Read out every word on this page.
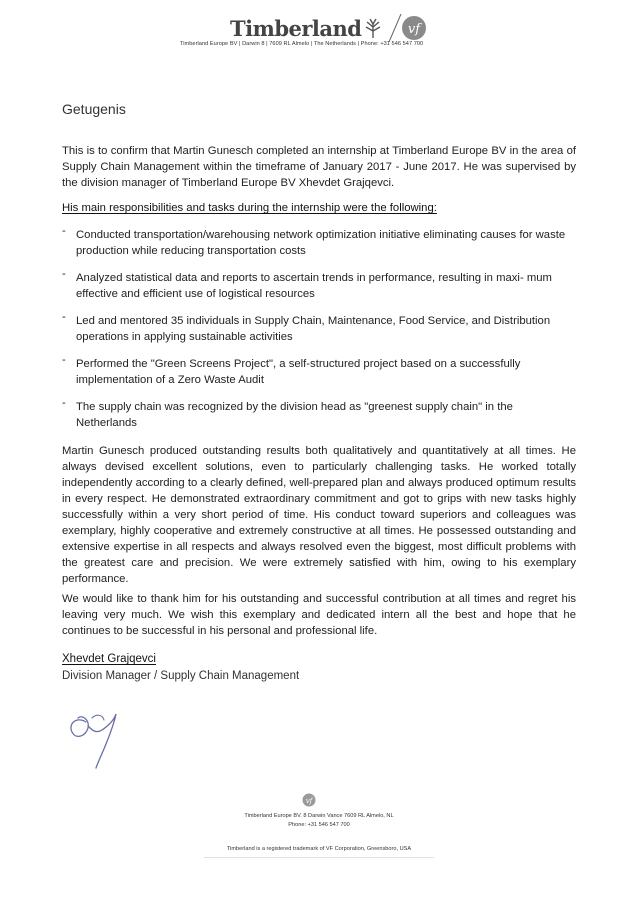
Timberland	vf
Timberland Europe BV | Darwin 8 | 7609 RL Almelo | The Netherlands | Phone: +31 546 547 700
Getugenis

This is to confirm that Martin Gunesch completed an internship at Timberland Europe BV in the area of Supply Chain Management within the timeframe of January 2017 - June 2017. He was supervised by the division manager of Timberland Europe BV Xhevdet Grajqevci.

His main responsibilities and tasks during the internship were the following:
- Conducted transportation/warehousing network optimization initiative eliminating causes for waste production while reducing transportation costs
- Analyzed statistical data and reports to ascertain trends in performance, resulting in maxi- mum effective and efficient use of logistical resources
- Led and mentored 35 individuals in Supply Chain, Maintenance, Food Service, and Distribution operations in applying sustainable activities
- Performed the "Green Screens Project", a self-structured project based on a successfully implementation of a Zero Waste Audit
- The supply chain was recognized by the division head as "greenest supply chain" in the Netherlands

Martin Gunesch produced outstanding results both qualitatively and quantitatively at all times. He always devised excellent solutions, even to particularly challenging tasks. He worked totally independently according to a clearly defined, well-prepared plan and always produced optimum results in every respect. He demonstrated extraordinary commitment and got to grips with new tasks highly successfully within a very short period of time. His conduct toward superiors and colleagues was exemplary, highly cooperative and extremely constructive at all times. He possessed outstanding and extensive expertise in all respects and always resolved even the biggest, most difficult problems with the greatest care and precision. We were extremely satisfied with him, owing to his exemplary performance.

We would like to thank him for his outstanding and successful contribution at all times and regret his leaving very much. We wish this exemplary and dedicated intern all the best and hope that he continues to be successful in his personal and professional life.

Xhevdet Grajqevci
Division Manager / Supply Chain Management
vf
Timberland Europe BV. 8 Darwin Vance 7609 RL Almelo, NL
Phone: +31 546 547 700
Timberland is a registered trademark of VF Corporation, Greensboro, USA
